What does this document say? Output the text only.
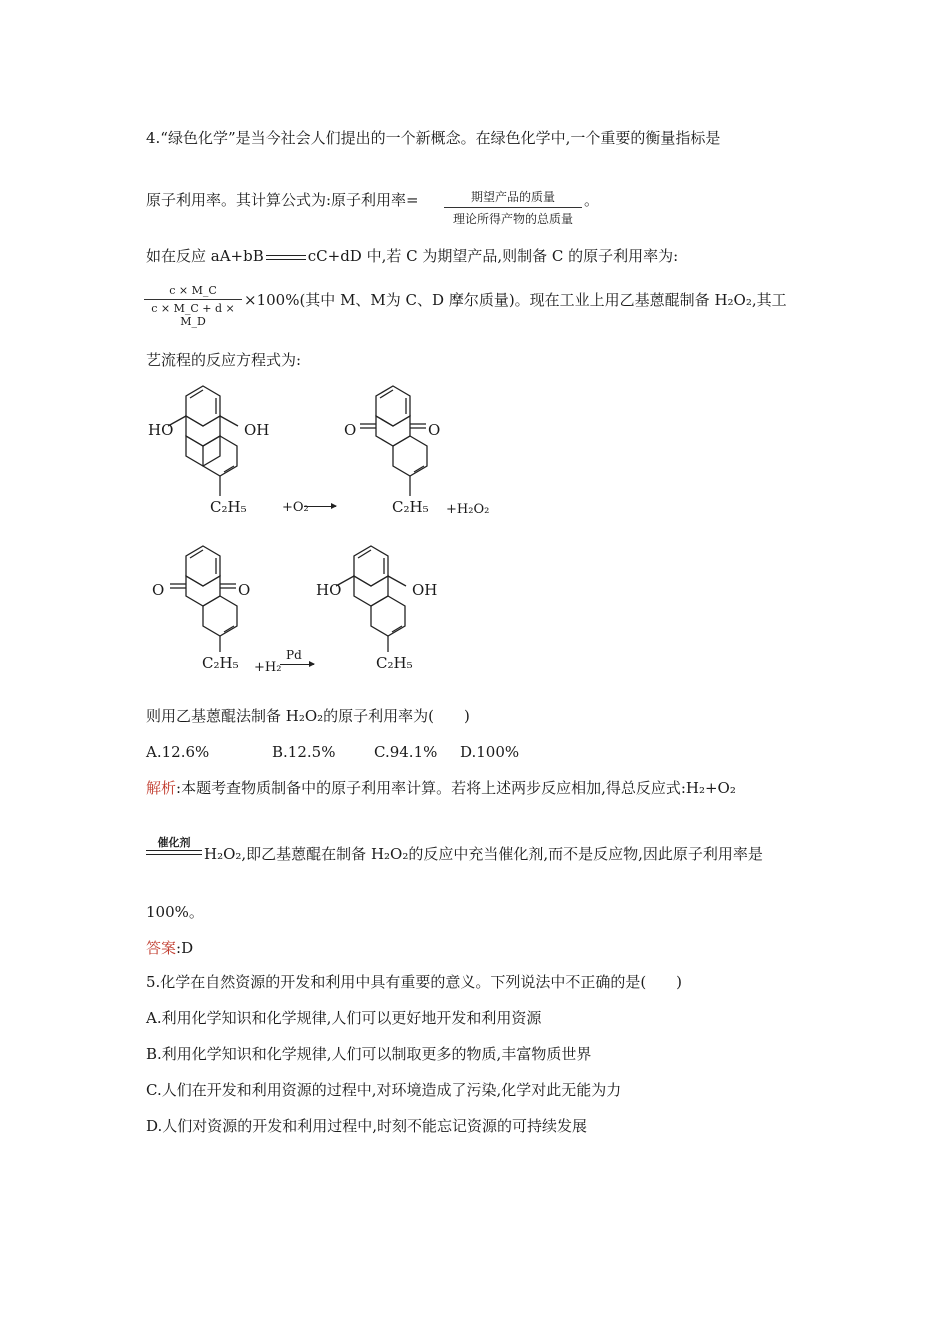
4.“绿色化学”是当今社会人们提出的一个新概念。在绿色化学中,一个重要的衡量指标是
原子利用率。其计算公式为:原子利用率=	期望产品的质量
理论所得产物的总质量
。
如在反应 aA+bB	cC+dD 中,若 C 为期望产品,则制备 C 的原子利用率为:
$\frac{c \times M\_C}{c \times M\_C + d \times M\_D} \times 100\%$(其中 M、M为 C、D 摩尔质量)。现在工业上用乙基蒽醌制备 H₂O₂,其工
艺流程的反应方程式为:
HO	OH
C₂H₅	+O₂
O	O
C₂H₅ +H₂O₂
O	O
C₂H₅ +H₂
Pd
HO	OH
C₂H₅
则用乙基蒽醌法制备 H₂O₂的原子利用率为(　　)
A.12.6%	B.12.5%	C.94.1% D.100%
解析:本题考查物质制备中的原子利用率计算。若将上述两步反应相加,得总反应式:H₂+O₂
催化剂
H₂O₂,即乙基蒽醌在制备 H₂O₂的反应中充当催化剂,而不是反应物,因此原子利用率是
100%。
答案:D
5.化学在自然资源的开发和利用中具有重要的意义。下列说法中不正确的是(　　)
A.利用化学知识和化学规律,人们可以更好地开发和利用资源
B.利用化学知识和化学规律,人们可以制取更多的物质,丰富物质世界
C.人们在开发和利用资源的过程中,对环境造成了污染,化学对此无能为力
D.人们对资源的开发和利用过程中,时刻不能忘记资源的可持续发展
